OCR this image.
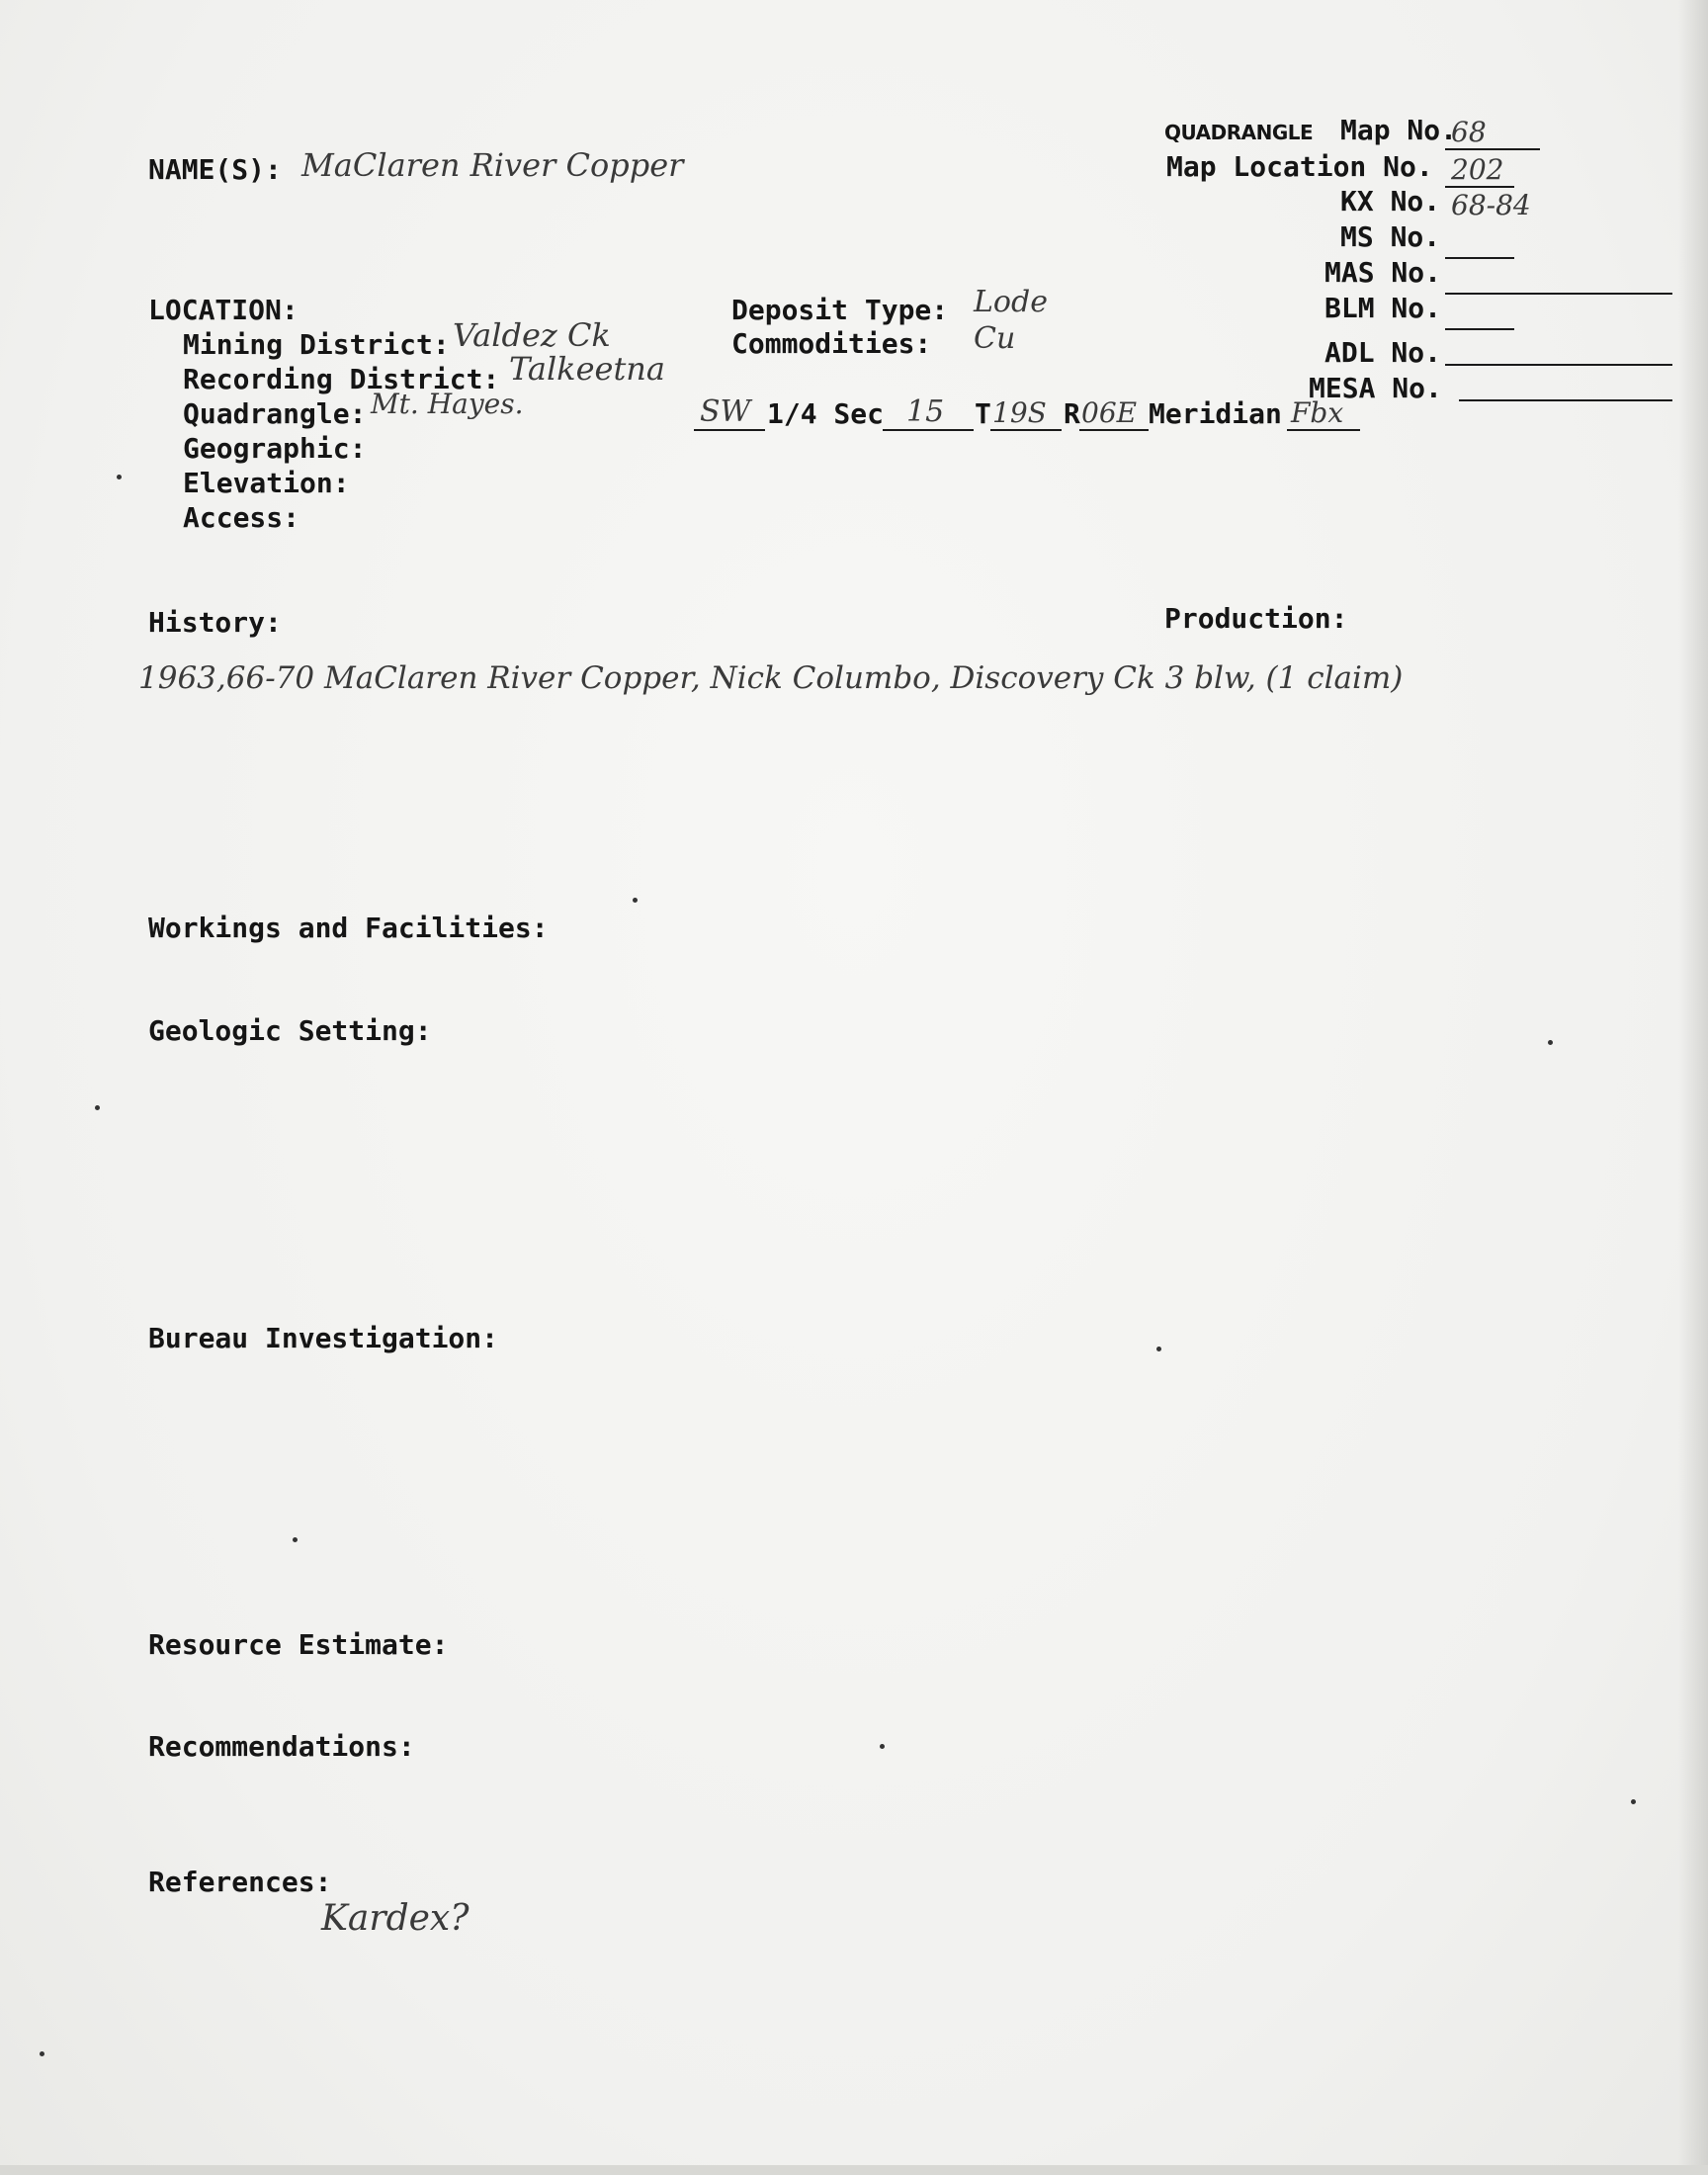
NAME(S): MaClaren River Copper
QUADRANGLE Map No.
68
Map Location No. 202
KX No. 68-84
MS No.
MAS No.
BLM No.
ADL No.
MESA No.
LOCATION:
Mining District: Valdez Ck
Recording District: Talkeetna
Quadrangle: Mt. Hayes.
Geographic:
Elevation:
Access:
Deposit Type: Lode
Commodities: Cu
SW 1/4 Sec 15 T 19S R 06E Meridian Fbx
History:	Production:
1963,66-70 MaClaren River Copper, Nick Columbo, Discovery Ck 3 blw, (1 claim)
Workings and Facilities:
Geologic Setting:
Bureau Investigation:
Resource Estimate:
Recommendations:
References:
Kardex?
